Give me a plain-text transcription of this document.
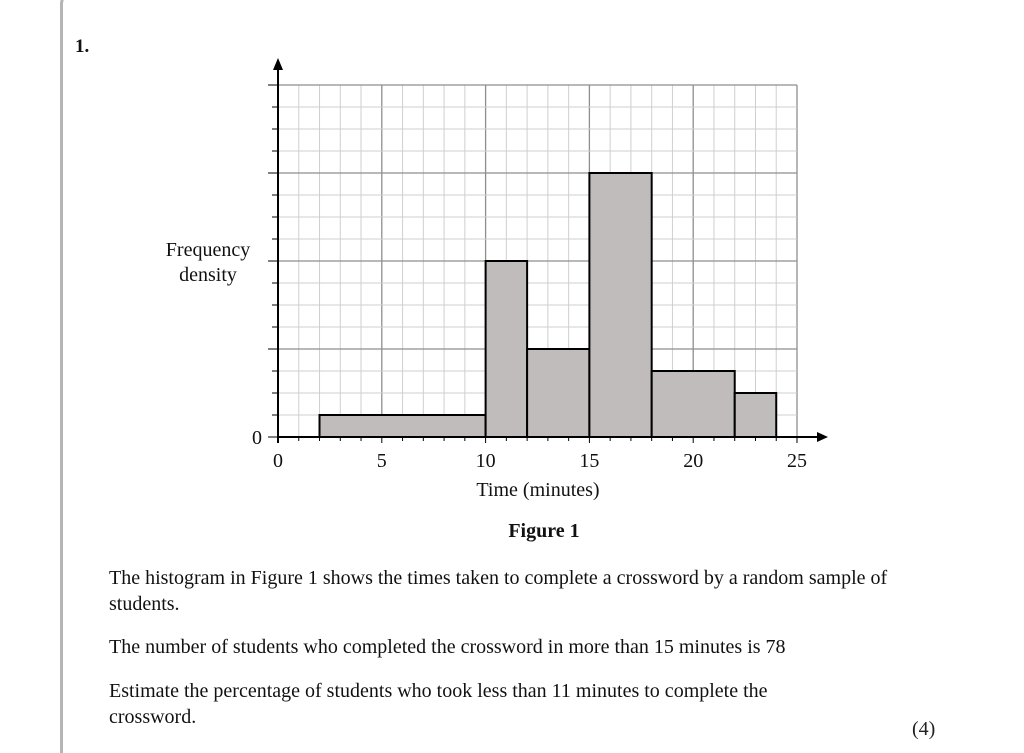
1.
0	5	10	15	20	25
0
Frequency density
Time (minutes)
Figure 1
The histogram in Figure 1 shows the times taken to complete a crossword by a random sample of students.
The number of students who completed the crossword in more than 15 minutes is 78
Estimate the percentage of students who took less than 11 minutes to complete the crossword.
(4)
